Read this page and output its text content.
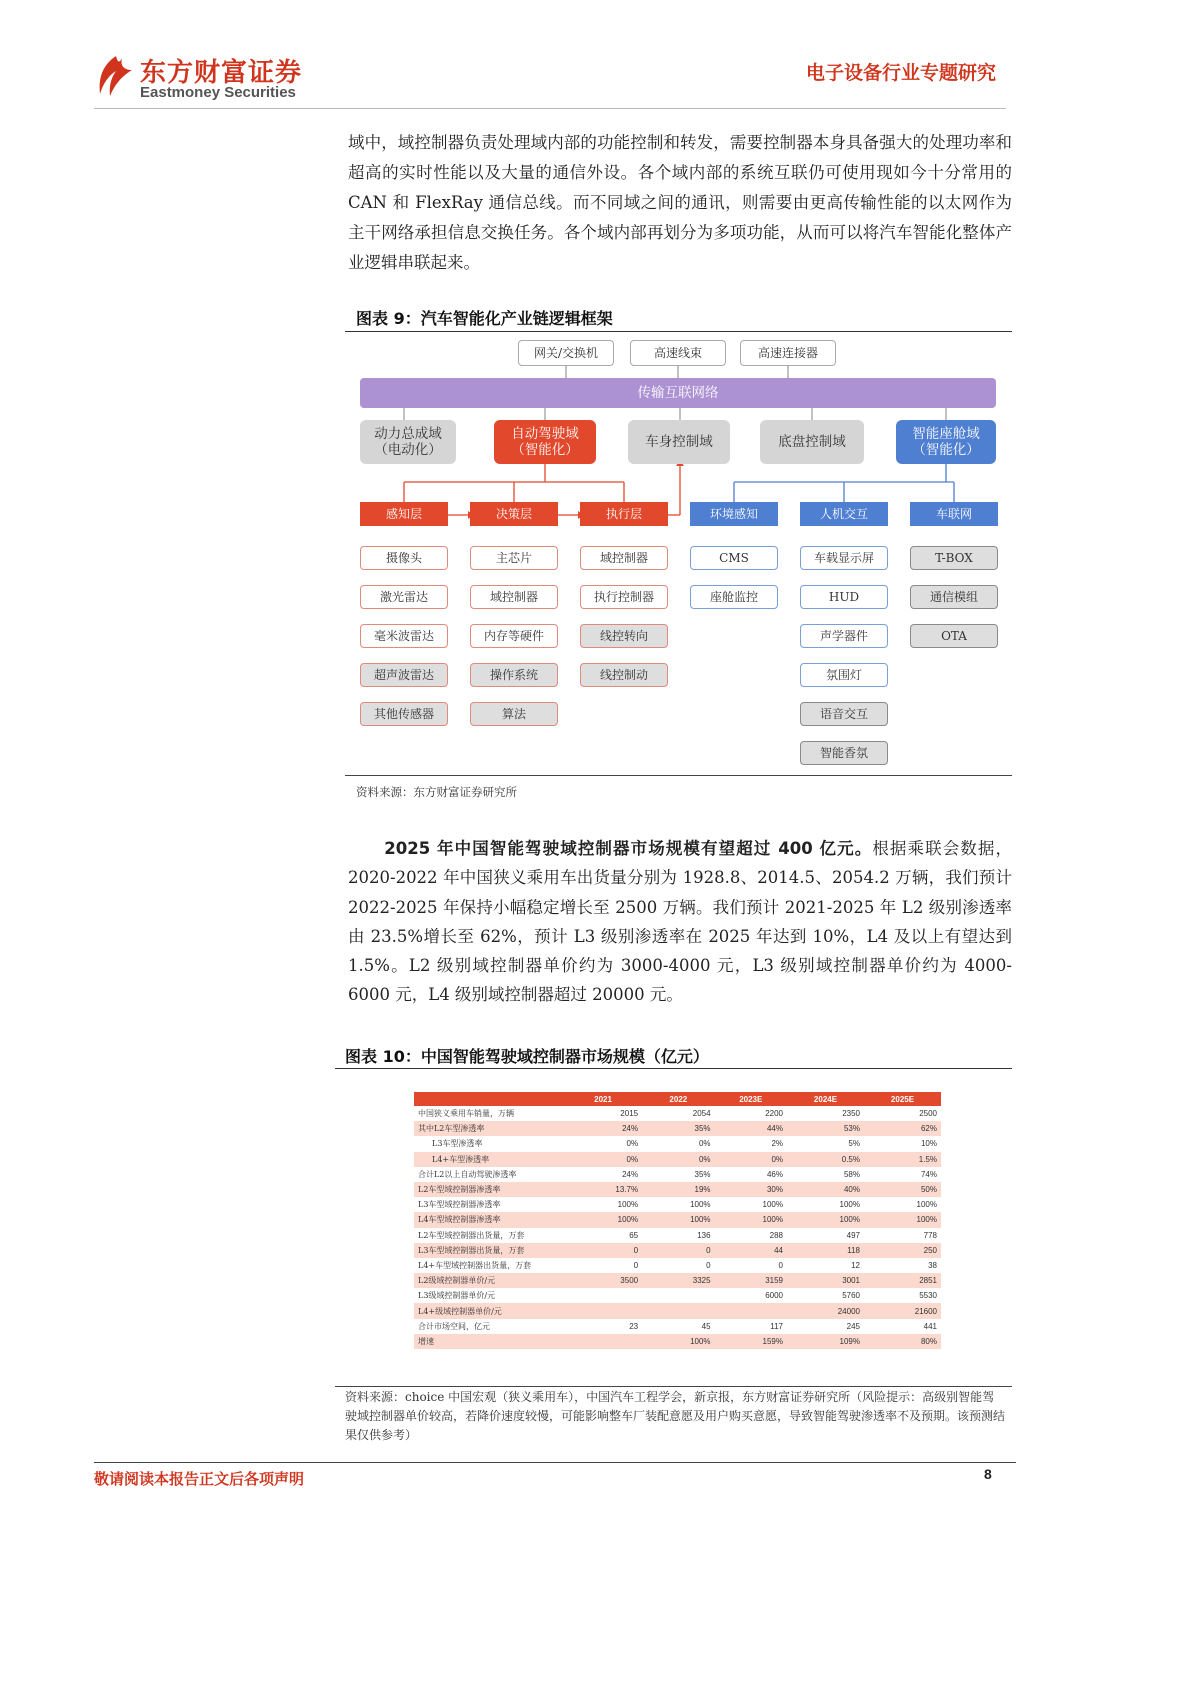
东方财富证券
Eastmoney Securities
电子设备行业专题研究
域中，域控制器负责处理域内部的功能控制和转发，需要控制器本身具备强大的处理功率和超高的实时性能以及大量的通信外设。各个域内部的系统互联仍可使用现如今十分常用的 CAN 和 FlexRay 通信总线。而不同域之间的通讯，则需要由更高传输性能的以太网作为主干网络承担信息交换任务。各个域内部再划分为多项功能，从而可以将汽车智能化整体产业逻辑串联起来。
图表 9：汽车智能化产业链逻辑框架
网关/交换机	高速线束	高速连接器
传输互联网络
动力总成域
（电动化）
自动驾驶域
（智能化）	车身控制域	底盘控制域	智能座舱域
（智能化）
感知层
摄像头
激光雷达
毫米波雷达
超声波雷达
其他传感器
决策层
主芯片
域控制器
内存等硬件
操作系统
算法
执行层
域控制器
执行控制器
线控转向
线控制动
环境感知
CMS
座舱监控
人机交互
车载显示屏
HUD
声学器件
氛围灯
语音交互
智能香氛
车联网
T-BOX
通信模组
OTA
资料来源：东方财富证券研究所
2025 年中国智能驾驶域控制器市场规模有望超过 400 亿元。根据乘联会数据，2020-2022 年中国狭义乘用车出货量分别为 1928.8、2014.5、2054.2 万辆，我们预计 2022-2025 年保持小幅稳定增长至 2500 万辆。我们预计 2021-2025 年 L2 级别渗透率由 23.5%增长至 62%，预计 L3 级别渗透率在 2025 年达到 10%，L4 及以上有望达到 1.5%。L2 级别域控制器单价约为 3000-4000 元，L3 级别域控制器单价约为 4000-6000 元，L4 级别域控制器超过 20000 元。
图表 10：中国智能驾驶域控制器市场规模（亿元）
	2021	2022	2023E	2024E	2025E
中国狭义乘用车销量，万辆	2015	2054	2200	2350	2500
其中L2车型渗透率	24%	35%	44%	53%	62%
L3车型渗透率	0%	0%	2%	5%	10%
L4+车型渗透率	0%	0%	0%	0.5%	1.5%
合计L2以上自动驾驶渗透率	24%	35%	46%	58%	74%
L2车型域控制器渗透率	13.7%	19%	30%	40%	50%
L3车型域控制器渗透率	100%	100%	100%	100%	100%
L4车型域控制器渗透率	100%	100%	100%	100%	100%
L2车型域控制器出货量，万套	65	136	288	497	778
L3车型域控制器出货量，万套	0	0	44	118	250
L4+车型域控制器出货量，万套	0	0	0	12	38
L2级域控制器单价/元	3500	3325	3159	3001	2851
L3级域控制器单价/元			6000	5760	5530
L4+级域控制器单价/元				24000	21600
合计市场空间，亿元	23	45	117	245	441
增速		100%	159%	109%	80%
资料来源：choice 中国宏观（狭义乘用车），中国汽车工程学会，新京报，东方财富证券研究所（风险提示：高级别智能驾驶域控制器单价较高，若降价速度较慢，可能影响整车厂装配意愿及用户购买意愿，导致智能驾驶渗透率不及预期。该预测结果仅供参考）
敬请阅读本报告正文后各项声明	8
